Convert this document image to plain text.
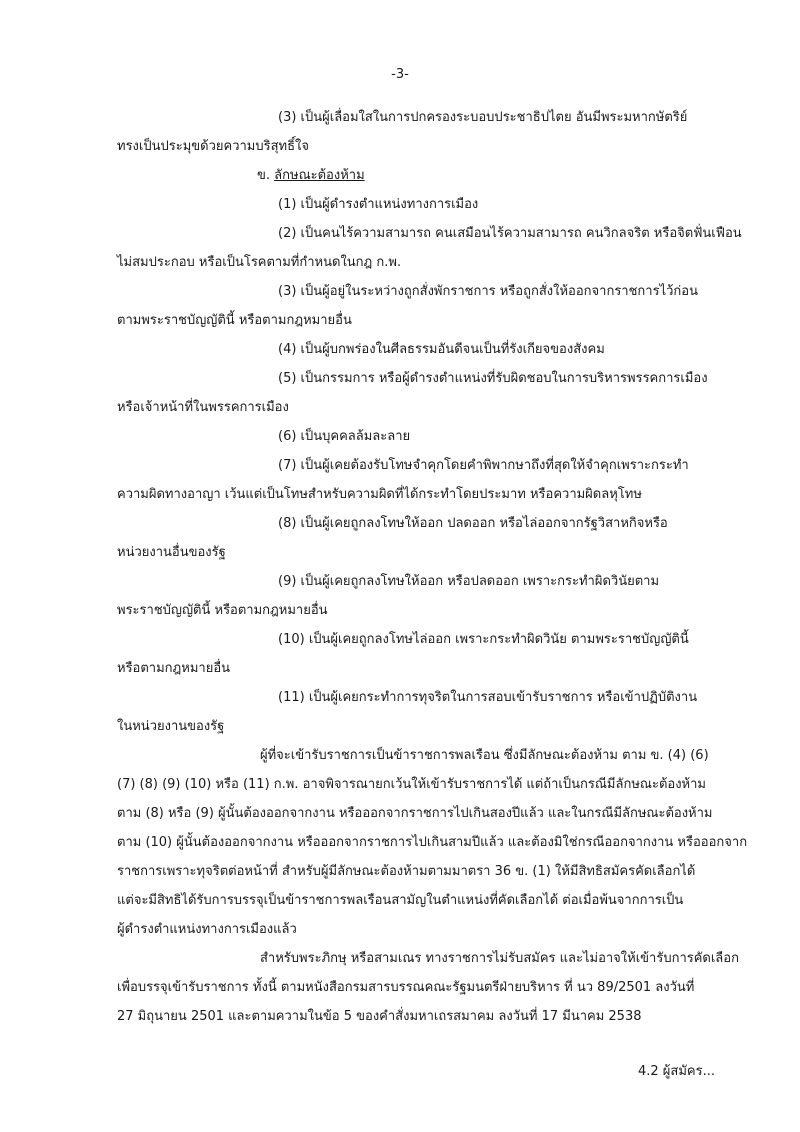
-3-
(3) เป็นผู้เลื่อมใสในการปกครองระบอบประชาธิปไตย อันมีพระมหากษัตริย์
ทรงเป็นประมุขด้วยความบริสุทธิ์ใจ
ข. ลักษณะต้องห้าม
(1) เป็นผู้ดำรงตำแหน่งทางการเมือง
(2) เป็นคนไร้ความสามารถ คนเสมือนไร้ความสามารถ คนวิกลจริต หรือจิตฟั่นเฟือน
ไม่สมประกอบ หรือเป็นโรคตามที่กำหนดในกฎ ก.พ.
(3) เป็นผู้อยู่ในระหว่างถูกสั่งพักราชการ หรือถูกสั่งให้ออกจากราชการไว้ก่อน
ตามพระราชบัญญัตินี้ หรือตามกฎหมายอื่น
(4) เป็นผู้บกพร่องในศีลธรรมอันดีจนเป็นที่รังเกียจของสังคม
(5) เป็นกรรมการ หรือผู้ดำรงตำแหน่งที่รับผิดชอบในการบริหารพรรคการเมือง
หรือเจ้าหน้าที่ในพรรคการเมือง
(6) เป็นบุคคลล้มละลาย
(7) เป็นผู้เคยต้องรับโทษจำคุกโดยคำพิพากษาถึงที่สุดให้จำคุกเพราะกระทำ
ความผิดทางอาญา เว้นแต่เป็นโทษสำหรับความผิดที่ได้กระทำโดยประมาท หรือความผิดลหุโทษ
(8) เป็นผู้เคยถูกลงโทษให้ออก ปลดออก หรือไล่ออกจากรัฐวิสาหกิจหรือ
หน่วยงานอื่นของรัฐ
(9) เป็นผู้เคยถูกลงโทษให้ออก หรือปลดออก เพราะกระทำผิดวินัยตาม
พระราชบัญญัตินี้ หรือตามกฎหมายอื่น
(10) เป็นผู้เคยถูกลงโทษไล่ออก เพราะกระทำผิดวินัย ตามพระราชบัญญัตินี้
หรือตามกฎหมายอื่น
(11) เป็นผู้เคยกระทำการทุจริตในการสอบเข้ารับราชการ หรือเข้าปฏิบัติงาน
ในหน่วยงานของรัฐ
ผู้ที่จะเข้ารับราชการเป็นข้าราชการพลเรือน ซึ่งมีลักษณะต้องห้าม ตาม ข. (4) (6)
(7) (8) (9) (10) หรือ (11) ก.พ. อาจพิจารณายกเว้นให้เข้ารับราชการได้ แต่ถ้าเป็นกรณีมีลักษณะต้องห้าม
ตาม (8) หรือ (9) ผู้นั้นต้องออกจากงาน หรือออกจากราชการไปเกินสองปีแล้ว และในกรณีมีลักษณะต้องห้าม
ตาม (10) ผู้นั้นต้องออกจากงาน หรือออกจากราชการไปเกินสามปีแล้ว และต้องมิใช่กรณีออกจากงาน หรือออกจาก
ราชการเพราะทุจริตต่อหน้าที่ สำหรับผู้มีลักษณะต้องห้ามตามมาตรา 36 ข. (1) ให้มีสิทธิสมัครคัดเลือกได้
แต่จะมีสิทธิได้รับการบรรจุเป็นข้าราชการพลเรือนสามัญในตำแหน่งที่คัดเลือกได้ ต่อเมื่อพ้นจากการเป็น
ผู้ดำรงตำแหน่งทางการเมืองแล้ว
สำหรับพระภิกษุ หรือสามเณร ทางราชการไม่รับสมัคร และไม่อาจให้เข้ารับการคัดเลือก
เพื่อบรรจุเข้ารับราชการ ทั้งนี้ ตามหนังสือกรมสารบรรณคณะรัฐมนตรีฝ่ายบริหาร ที่ นว 89/2501 ลงวันที่
27 มิถุนายน 2501 และตามความในข้อ 5 ของคำสั่งมหาเถรสมาคม ลงวันที่ 17 มีนาคม 2538
4.2 ผู้สมัคร...
